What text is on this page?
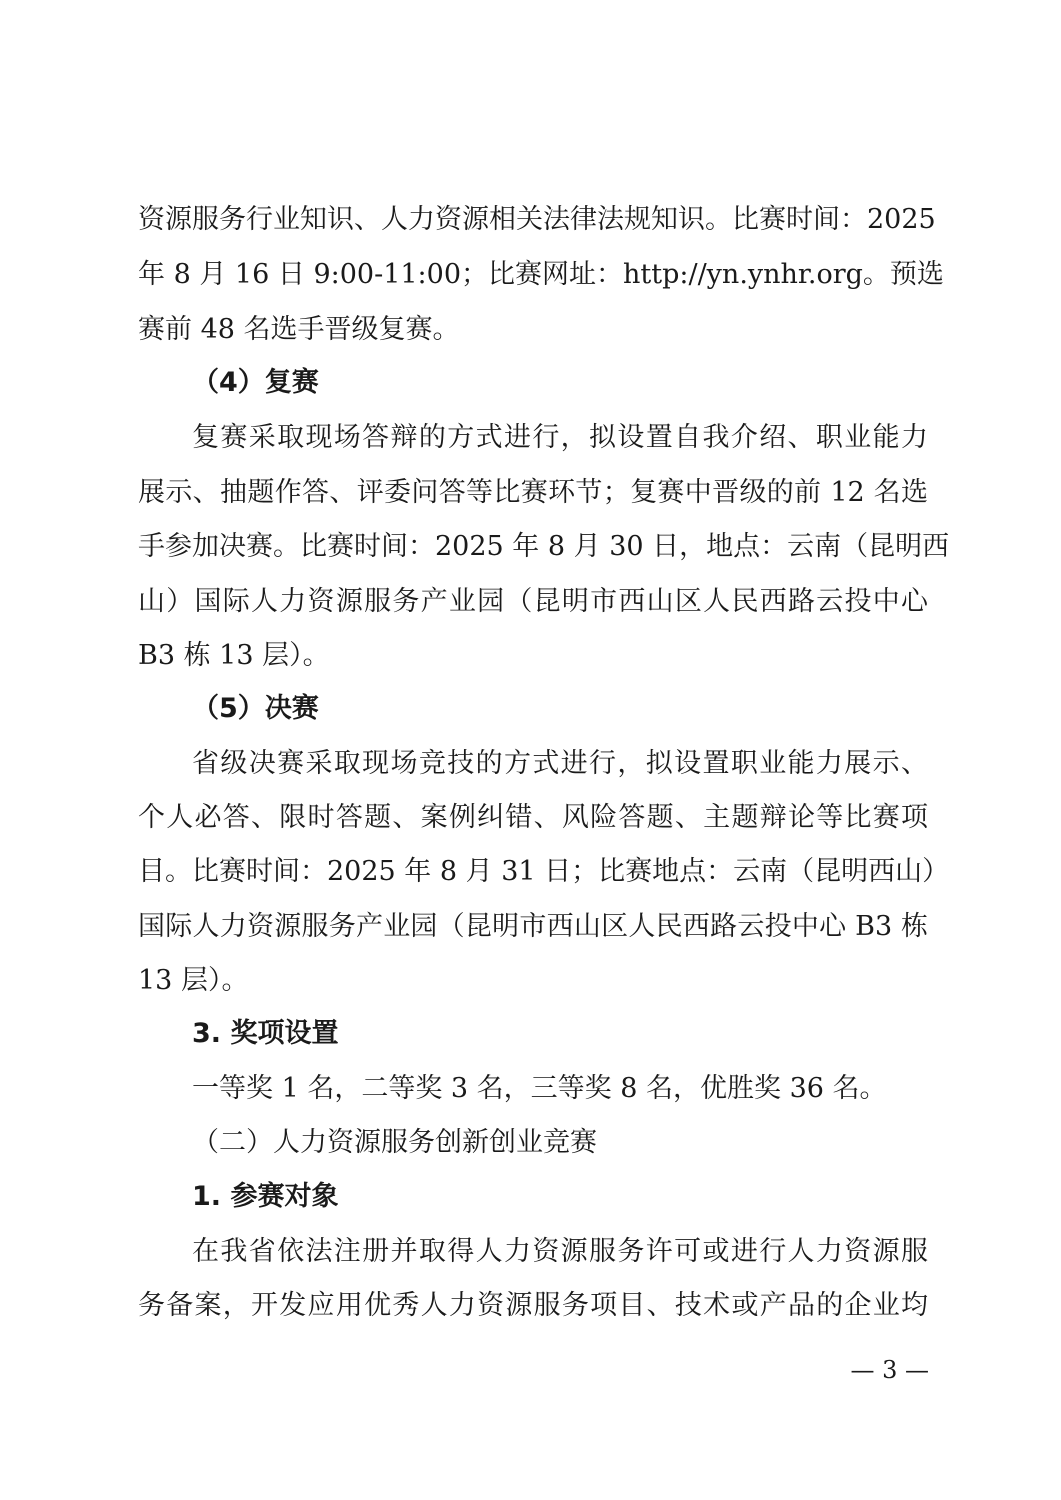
资源服务行业知识、人力资源相关法律法规知识。比赛时间：2025
年 8 月 16 日 9:00-11:00；比赛网址：http://yn.ynhr.org。预选
赛前 48 名选手晋级复赛。
（4）复赛
复赛采取现场答辩的方式进行，拟设置自我介绍、职业能力
展示、抽题作答、评委问答等比赛环节；复赛中晋级的前 12 名选
手参加决赛。比赛时间：2025 年 8 月 30 日，地点：云南（昆明西
山）国际人力资源服务产业园（昆明市西山区人民西路云投中心
B3 栋 13 层）。
（5）决赛
省级决赛采取现场竞技的方式进行，拟设置职业能力展示、
个人必答、限时答题、案例纠错、风险答题、主题辩论等比赛项
目。比赛时间：2025 年 8 月 31 日；比赛地点：云南（昆明西山）
国际人力资源服务产业园（昆明市西山区人民西路云投中心 B3 栋
13 层）。
3. 奖项设置
一等奖 1 名，二等奖 3 名，三等奖 8 名，优胜奖 36 名。
（二）人力资源服务创新创业竞赛
1. 参赛对象
在我省依法注册并取得人力资源服务许可或进行人力资源服
务备案，开发应用优秀人力资源服务项目、技术或产品的企业均
— 3 —
